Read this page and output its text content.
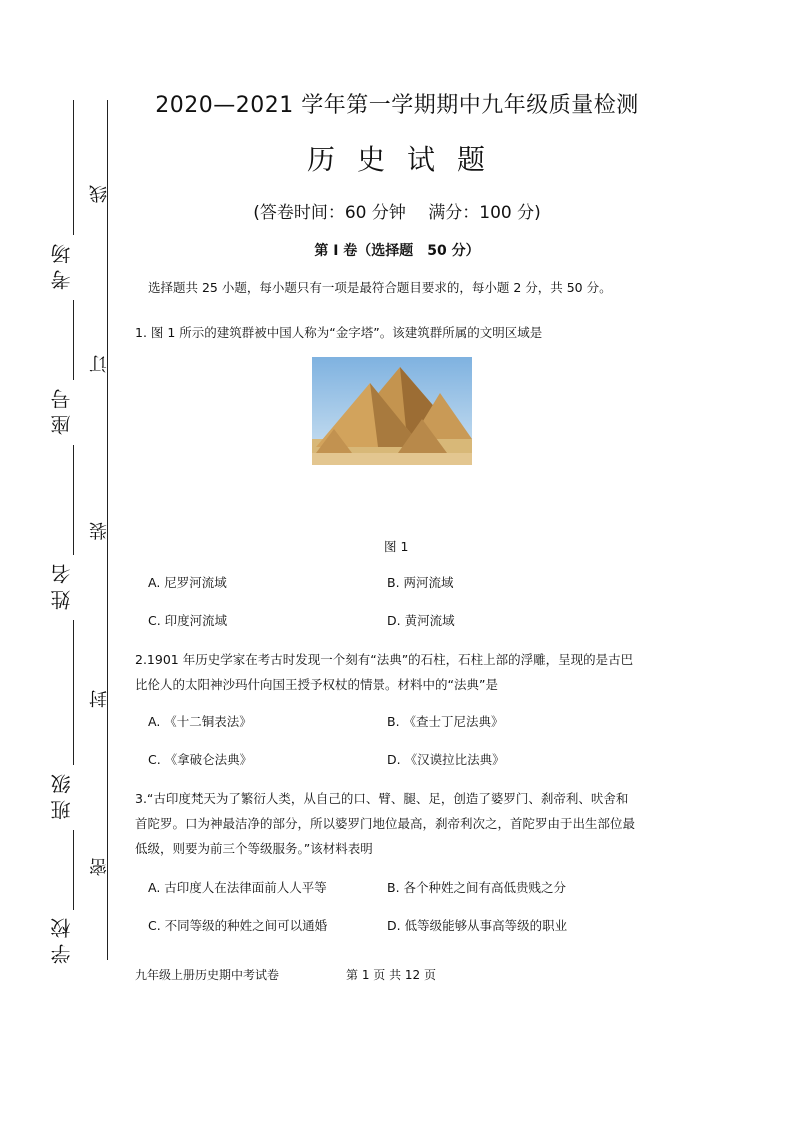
考场
座号
姓名
班级
学校
线
订
装
封
密
2020—2021 学年第一学期期中九年级质量检测
历史试题
(答卷时间：60 分钟　 满分：100 分)
第 I 卷（选择题　50 分）
选择题共 25 小题，每小题只有一项是最符合题目要求的，每小题 2 分，共 50 分。
1. 图 1 所示的建筑群被中国人称为“金字塔”。该建筑群所属的文明区域是
图 1
A. 尼罗河流域	B. 两河流域
C. 印度河流域	D. 黄河流域
2.1901 年历史学家在考古时发现一个刻有“法典”的石柱，石柱上部的浮雕，呈现的是古巴
比伦人的太阳神沙玛什向国王授予权杖的情景。材料中的“法典”是
A. 《十二铜表法》	B. 《查士丁尼法典》
C. 《拿破仑法典》	D. 《汉谟拉比法典》
3.“古印度梵天为了繁衍人类，从自己的口、臂、腿、足，创造了婆罗门、刹帝利、吠舍和
首陀罗。口为神最洁净的部分，所以婆罗门地位最高，刹帝利次之，首陀罗由于出生部位最
低级，则要为前三个等级服务。”该材料表明
A. 古印度人在法律面前人人平等	B. 各个种姓之间有高低贵贱之分
C. 不同等级的种姓之间可以通婚	D. 低等级能够从事高等级的职业
九年级上册历史期中考试卷	第 1 页 共 12 页
